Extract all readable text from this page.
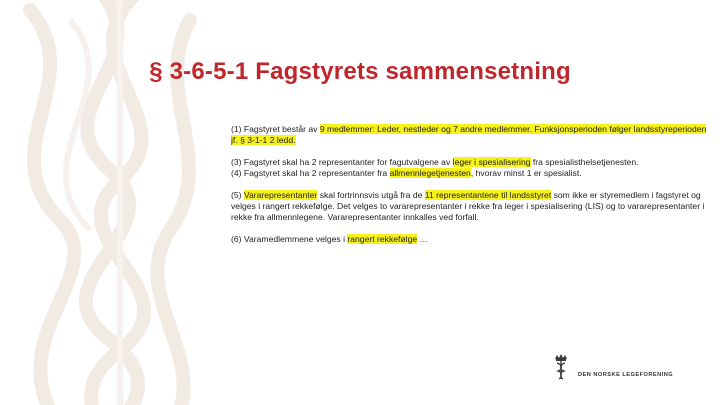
§ 3-6-5-1 Fagstyrets sammensetning

(1) Fagstyret består av 9 medlemmer: Leder, nestleder og 7 andre medlemmer. Funksjonsperioden følger landsstyreperioden jf. § 3-1-1 2 ledd.

(3) Fagstyret skal ha 2 representanter for fagutvalgene av leger i spesialisering fra spesialisthelsetjenesten.

(4) Fagstyret skal ha 2 representanter fra allmennlegetjenesten, hvorav minst 1 er spesialist.

(5) Vararepresentanter skal fortrinnsvis utgå fra de 11 representantene til landsstyret som ikke er styremedlem i fagstyret og velges i rangert rekkefølge. Det velges to vararepresentanter i rekke fra leger i spesialisering (LIS) og to vararepresentanter i rekke fra allmennlegene. Vararepresentanter innkalles ved forfall.

(6) Varamedlemmene velges i rangert rekkefølge …

DEN NORSKE LEGEFORENING
